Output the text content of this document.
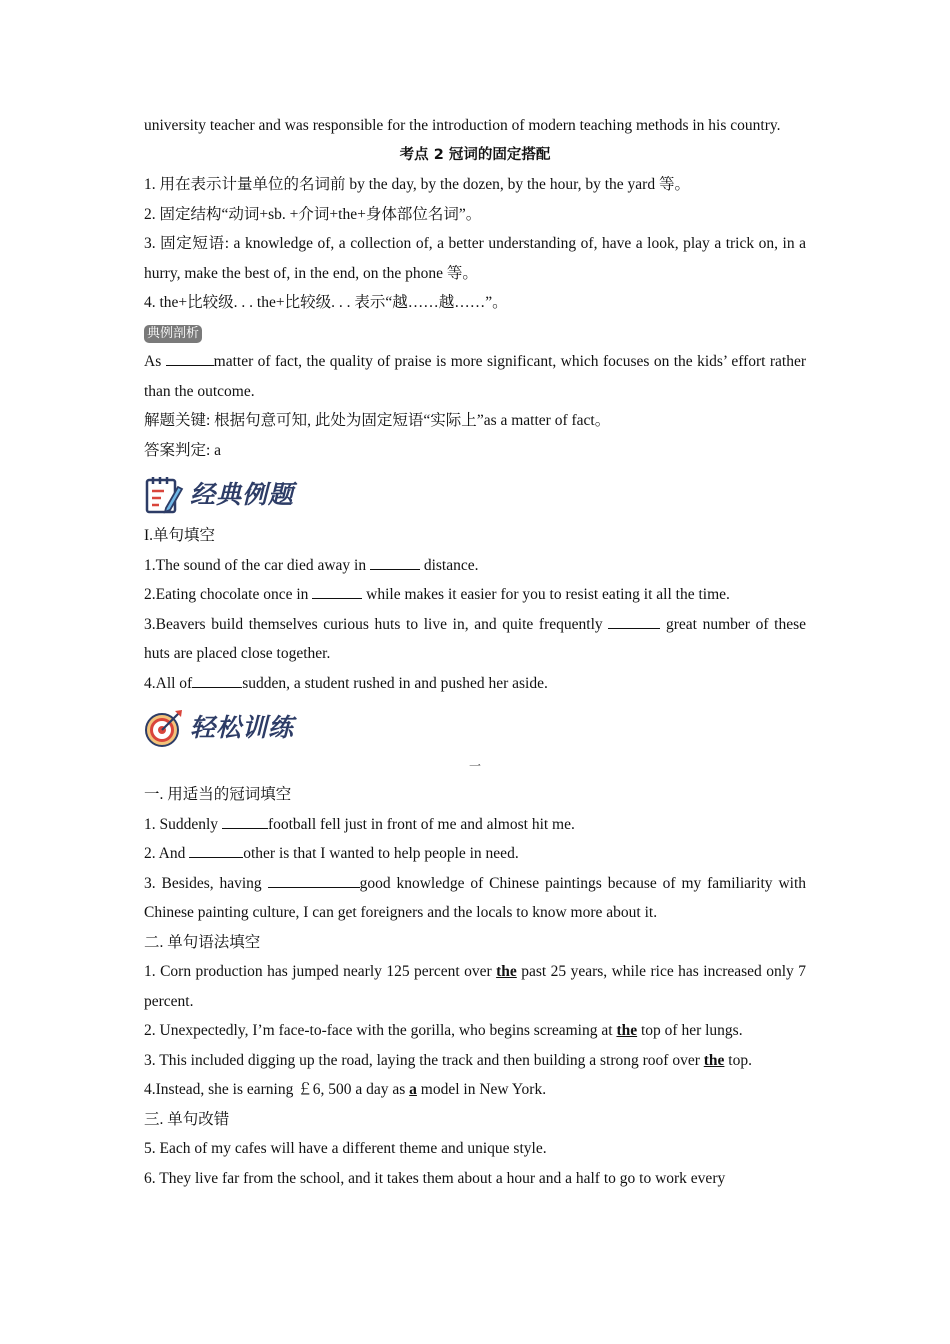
university teacher and was responsible for the introduction of modern teaching methods in his country.

考点 2 冠词的固定搭配

1. 用在表示计量单位的名词前 by the day, by the dozen, by the hour, by the yard 等。

2. 固定结构“动词+sb. +介词+the+身体部位名词”。

3. 固定短语: a knowledge of, a collection of, a better understanding of, have a look, play a trick on, in a hurry, make the best of, in the end, on the phone 等。

4. the+比较级. . . the+比较级. . . 表示“越……越……”。

典例剖析

As	matter of fact, the quality of praise is more significant, which focuses on the kids’ effort rather than the outcome.

解题关键: 根据句意可知, 此处为固定短语“实际上”as a matter of fact。

答案判定: a

经典例题

I.单句填空

1.The sound of the car died away in	distance.

2.Eating chocolate once in	while makes it easier for you to resist eating it all the time.

3.Beavers build themselves curious huts to live in, and quite frequently	great number of these huts are placed close together.

4.All of	sudden, a student rushed in and pushed her aside.

轻松训练
一

一. 用适当的冠词填空

1. Suddenly	football fell just in front of me and almost hit me.

2. And	other is that I wanted to help people in need.

3. Besides, having	good knowledge of Chinese paintings because of my familiarity with Chinese painting culture, I can get foreigners and the locals to know more about it.

二. 单句语法填空

1. Corn production has jumped nearly 125 percent over the past 25 years, while rice has increased only 7 percent.

2. Unexpectedly, I’m face-to-face with the gorilla, who begins screaming at the top of her lungs.

3. This included digging up the road, laying the track and then building a strong roof over the top.

4.Instead, she is earning ￡6, 500 a day as a model in New York.

三. 单句改错

5. Each of my cafes will have a different theme and unique style.

6. They live far from the school, and it takes them about a hour and a half to go to work every
